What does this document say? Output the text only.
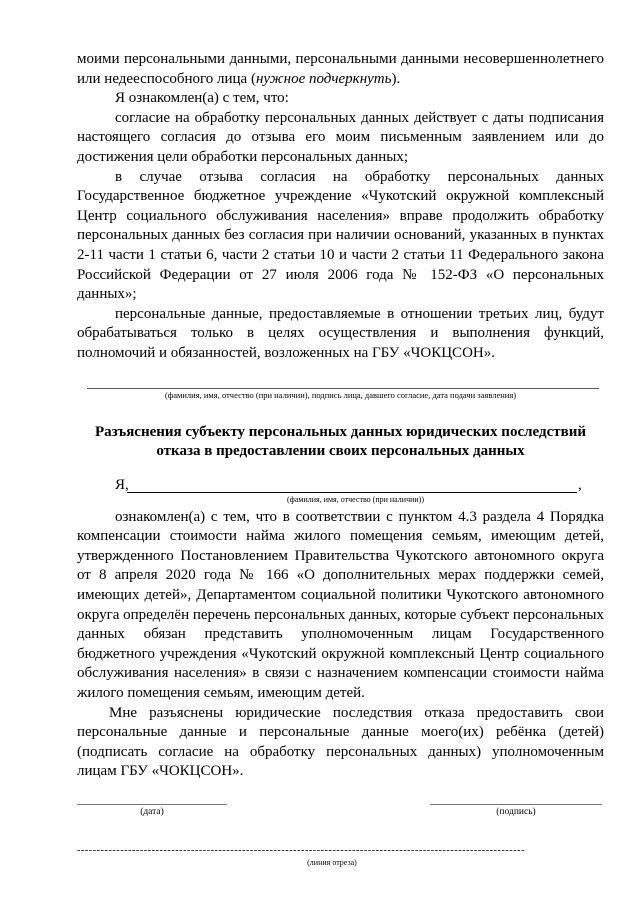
моими персональными данными, персональными данными несовершеннолетнего или недееспособного лица (нужное подчеркнуть).

Я ознакомлен(а) с тем, что:

согласие на обработку персональных данных действует с даты подписания настоящего согласия до отзыва его моим письменным заявлением или до достижения цели обработки персональных данных;

в случае отзыва согласия на обработку персональных данных Государственное бюджетное учреждение «Чукотский окружной комплексный Центр социального обслуживания населения» вправе продолжить обработку персональных данных без согласия при наличии оснований, указанных в пунктах 2-11 части 1 статьи 6, части 2 статьи 10 и части 2 статьи 11 Федерального закона Российской Федерации от 27 июля 2006 года № 152-ФЗ «О персональных данных»;

персональные данные, предоставляемые в отношении третьих лиц, будут обрабатываться только в целях осуществления и выполнения функций, полномочий и обязанностей, возложенных на ГБУ «ЧОКЦСОН».

(фамилия, имя, отчество (при наличии), подпись лица, давшего согласие, дата подачи заявления)
Разъяснения субъекту персональных данных юридических последствий отказа в предоставлении своих персональных данных
Я,	,
(фамилия, имя, отчество (при наличии))

ознакомлен(а) с тем, что в соответствии с пунктом 4.3 раздела 4 Порядка компенсации стоимости найма жилого помещения семьям, имеющим детей, утвержденного Постановлением Правительства Чукотского автономного округа от 8 апреля 2020 года № 166 «О дополнительных мерах поддержки семей, имеющих детей», Департаментом социальной политики Чукотского автономного округа определён перечень персональных данных, которые субъект персональных данных обязан представить уполномоченным лицам Государственного бюджетного учреждения «Чукотский окружной комплексный Центр социального обслуживания населения» в связи с назначением компенсации стоимости найма жилого помещения семьям, имеющим детей.

Мне разъяснены юридические последствия отказа предоставить свои персональные данные и персональные данные моего(их) ребёнка (детей) (подписать согласие на обработку персональных данных) уполномоченным лицам ГБУ «ЧОКЦСОН».

(дата)	(подпись)
------------------------------------------------------------------------------------------------------------------
(линия отреза)
